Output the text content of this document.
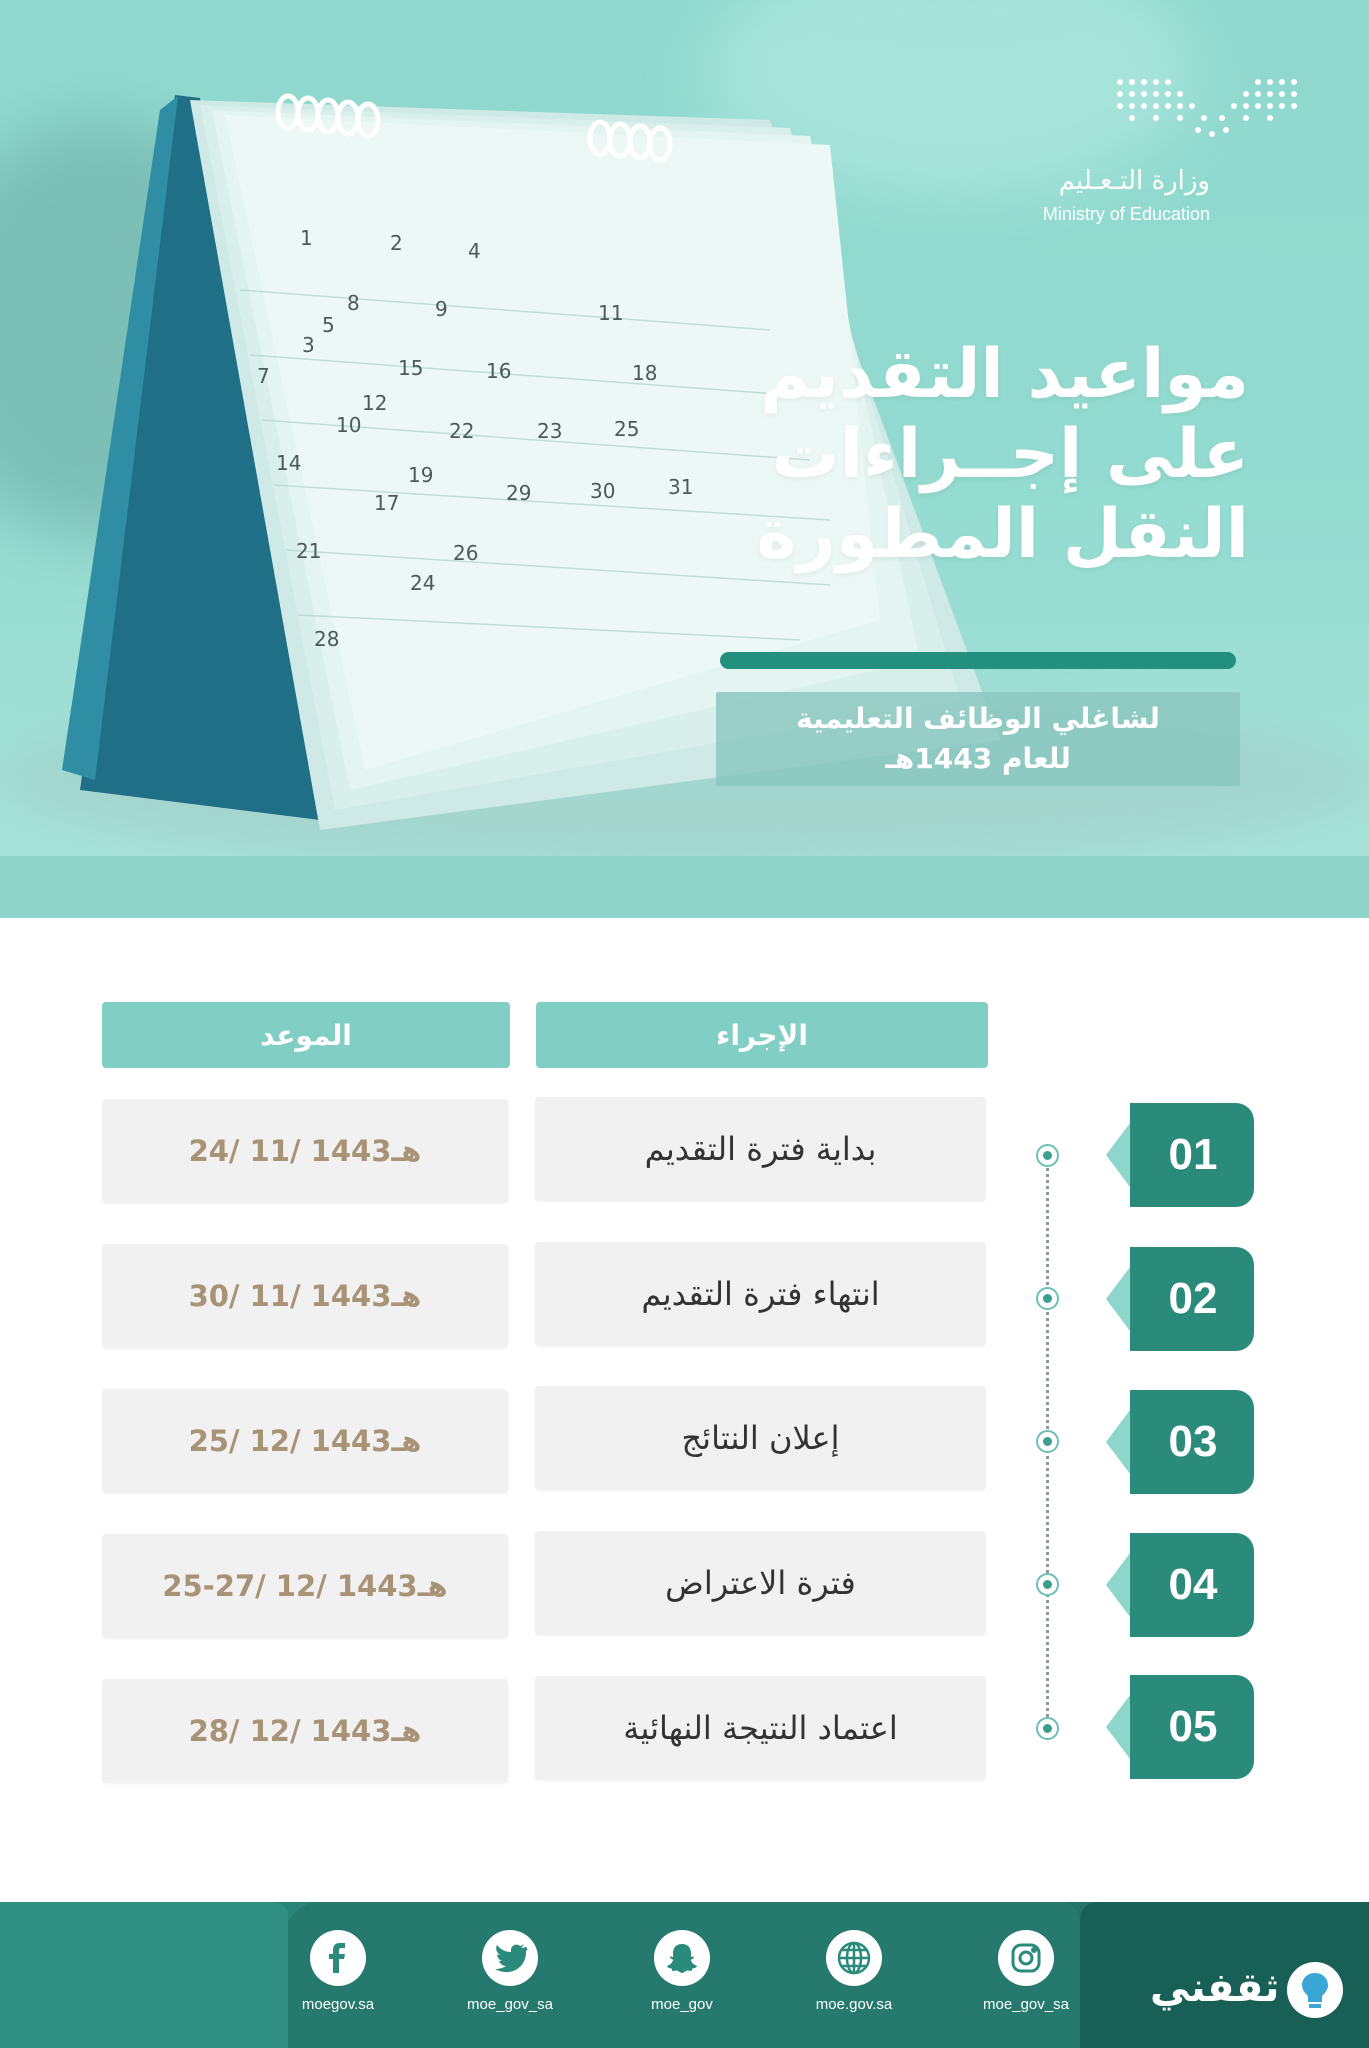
1	2
3
4
5
7
8	9
10
11
12
14
15	16
17
18
19
21
22	23
24
25
26
28
29	30	31
وزارة التـعـليم
Ministry of Education
مواعيد التقديم
على إجــراءات
النقل المطورة
لشاغلي الوظائف التعليمية
للعام 1443هـ
الموعد	الإجراء
24/ 11/ 1443هـ	بداية فترة التقديم	01
30/ 11/ 1443هـ	انتهاء فترة التقديم	02
25/ 12/ 1443هـ	إعلان النتائج	03
25-27/ 12/ 1443هـ	فترة الاعتراض	04
28/ 12/ 1443هـ	اعتماد النتيجة النهائية	05
moegov.sa	moe_gov_sa	moe_gov	moe.gov.sa	moe_gov_sa	ثقفني
